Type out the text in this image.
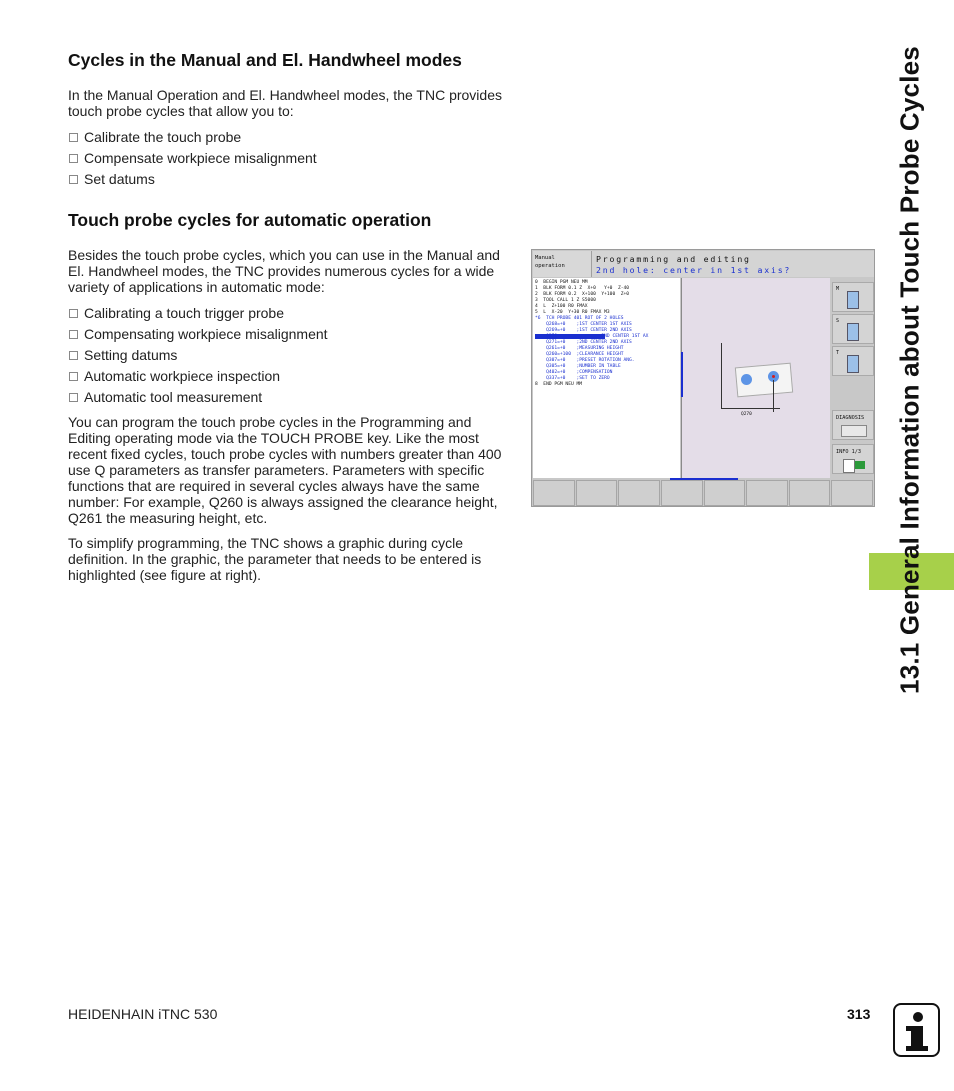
Cycles in the Manual and El. Handwheel modes

In the Manual Operation and El. Handwheel modes, the TNC provides touch probe cycles that allow you to:

Calibrate the touch probe
Compensate workpiece misalignment
Set datums
Touch probe cycles for automatic operation

Besides the touch probe cycles, which you can use in the Manual and El. Handwheel modes, the TNC provides numerous cycles for a wide variety of applications in automatic mode:

Calibrating a touch trigger probe
Compensating workpiece misalignment
Setting datums
Automatic workpiece inspection
Automatic tool measurement

You can program the touch probe cycles in the Programming and Editing operating mode via the TOUCH PROBE key. Like the most recent fixed cycles, touch probe cycles with numbers greater than 400 use Q parameters as transfer parameters. Parameters with specific functions that are required in several cycles always have the same number: For example, Q260 is always assigned the clearance height, Q261 the measuring height, etc.

To simplify programming, the TNC shows a graphic during cycle definition. In the graphic, the parameter that needs to be entered is highlighted (see figure at right).

Manual
operation
Programming and editing
2nd hole: center in 1st axis?
0  BEGIN PGM NEU MM
1  BLK FORM 0.1 Z  X+0   Y+0  Z-40
2  BLK FORM 0.2  X+100  Y+100  Z+0
3  TOOL CALL 1 Z S5000
4  L  Z+100 R0 FMAX
5  L  X-20  Y+30 R0 FMAX M3
*6  TCH PROBE 401 ROT OF 2 HOLES
Q268=+0    ;1ST CENTER 1ST AXIS
Q269=+0    ;1ST CENTER 2ND AXIS
Q270=              ;2ND CENTER 1ST AX
Q271=+0    ;2ND CENTER 2ND AXIS
Q261=+0    ;MEASURING HEIGHT
Q260=+100  ;CLEARANCE HEIGHT
Q307=+0    ;PRESET ROTATION ANG.
Q305=+0    ;NUMBER IN TABLE
Q402=+0    ;COMPENSATION
Q337=+0    ;SET TO ZERO
8  END PGM NEU MM
Q270
M
S
T
DIAGNOSIS
INFO 1/3 13.1 General Information about Touch Probe Cycles
HEIDENHAIN iTNC 530	313
